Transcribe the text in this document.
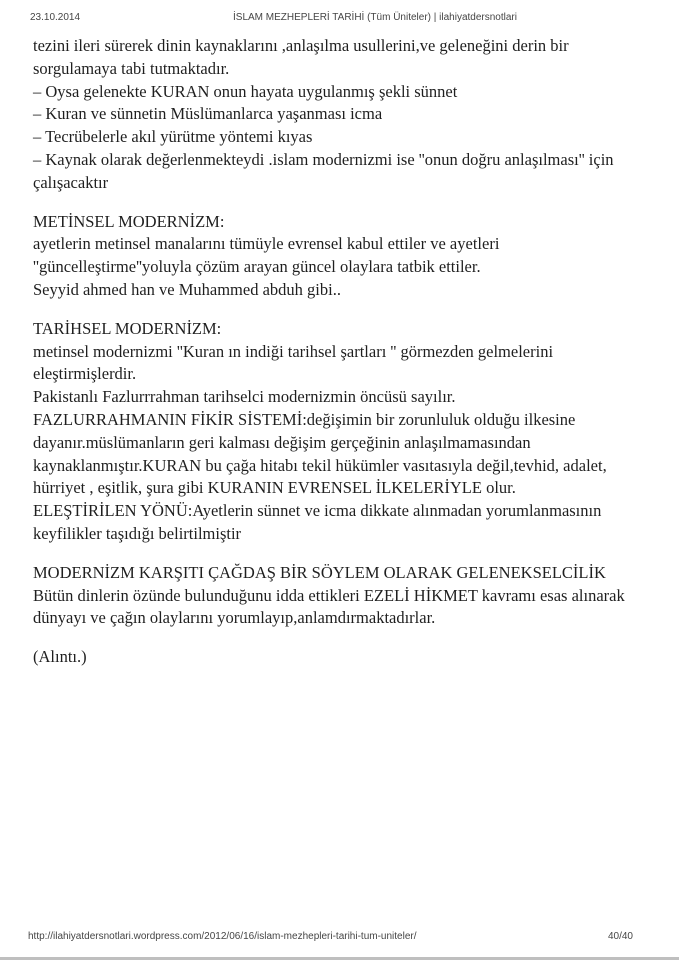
23.10.2014	İSLAM MEZHEPLERİ TARİHİ (Tüm Üniteler) | ilahiyatdersnotlari

tezini ileri sürerek dinin kaynaklarını ,anlaşılma usullerini,ve geleneğini derin bir
sorgulamaya tabi tutmaktadır.
– Oysa gelenekte KURAN onun hayata uygulanmış şekli sünnet
– Kuran ve sünnetin Müslümanlarca yaşanması icma
– Tecrübelerle akıl yürütme yöntemi kıyas
– Kaynak olarak değerlenmekteydi .islam modernizmi ise ''onun doğru anlaşılması'' için
çalışacaktır

METİNSEL MODERNİZM:
ayetlerin metinsel manalarını tümüyle evrensel kabul ettiler ve ayetleri
''güncelleştirme''yoluyla çözüm arayan güncel olaylara tatbik ettiler.
Seyyid ahmed han ve Muhammed abduh gibi..

TARİHSEL MODERNİZM:
metinsel modernizmi ''Kuran ın indiği tarihsel şartları '' görmezden gelmelerini
eleştirmişlerdir.
Pakistanlı Fazlurrrahman tarihselci modernizmin öncüsü sayılır.
FAZLURRAHMANIN FİKİR SİSTEMİ:değişimin bir zorunluluk olduğu ilkesine
dayanır.müslümanların geri kalması değişim gerçeğinin anlaşılmamasından
kaynaklanmıştır.KURAN bu çağa hitabı tekil hükümler vasıtasıyla değil,tevhid, adalet,
hürriyet , eşitlik, şura gibi KURANIN EVRENSEL İLKELERİYLE olur.
ELEŞTİRİLEN YÖNÜ:Ayetlerin sünnet ve icma dikkate alınmadan yorumlanmasının
keyfilikler taşıdığı belirtilmiştir

MODERNİZM KARŞITI ÇAĞDAŞ BİR SÖYLEM OLARAK GELENEKSELCİLİK
Bütün dinlerin özünde bulunduğunu idda ettikleri EZELİ HİKMET kavramı esas alınarak
dünyayı ve çağın olaylarını yorumlayıp,anlamdırmaktadırlar.

(Alıntı.)

http://ilahiyatdersnotlari.wordpress.com/2012/06/16/islam-mezhepleri-tarihi-tum-uniteler/	40/40
